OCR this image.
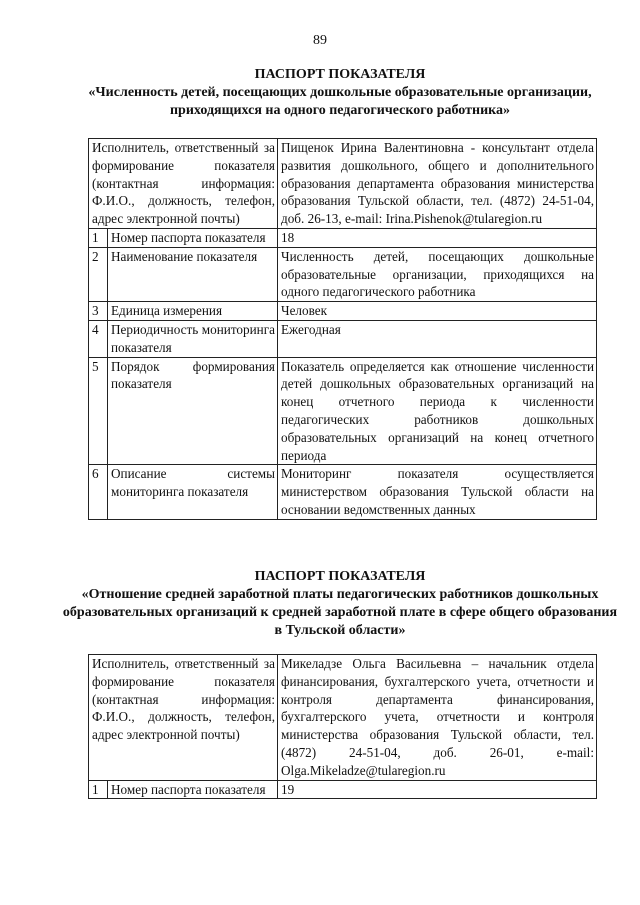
89
ПАСПОРТ ПОКАЗАТЕЛЯ
«Численность детей, посещающих дошкольные образовательные организации, приходящихся на одного педагогического работника»
Исполнитель, ответственный за формирование показателя (контактная информация: Ф.И.О., должность, телефон, адрес электронной почты)		Пищенок Ирина Валентиновна - консультант отдела развития дошкольного, общего и дополнительного образования департамента образования министерства образования Тульской области, тел. (4872) 24-51-04, доб. 26-13, e-mail: Irina.Pishenok@tularegion.ru
1	Номер паспорта показателя	18
2	Наименование показателя	Численность детей, посещающих дошкольные образовательные организации, приходящихся на одного педагогического работника
3	Единица измерения	Человек
4	Периодичность мониторинга показателя	Ежегодная
5	Порядок формирования показателя	Показатель определяется как отношение численности детей дошкольных образовательных организаций на конец отчетного периода к численности педагогических работников дошкольных образовательных организаций на конец отчетного периода
6	Описание системы мониторинга показателя	Мониторинг показателя осуществляется министерством образования Тульской области на основании ведомственных данных
ПАСПОРТ ПОКАЗАТЕЛЯ
«Отношение средней заработной платы педагогических работников дошкольных образовательных организаций к средней заработной плате в сфере общего образования в Тульской области»
Исполнитель, ответственный за формирование показателя (контактная информация: Ф.И.О., должность, телефон, адрес электронной почты)		Микеладзе Ольга Васильевна – начальник отдела финансирования, бухгалтерского учета, отчетности и контроля департамента финансирования, бухгалтерского учета, отчетности и контроля министерства образования Тульской области, тел. (4872) 24-51-04, доб. 26-01, e-mail: Olga.Mikeladze@tularegion.ru
1	Номер паспорта показателя	19
